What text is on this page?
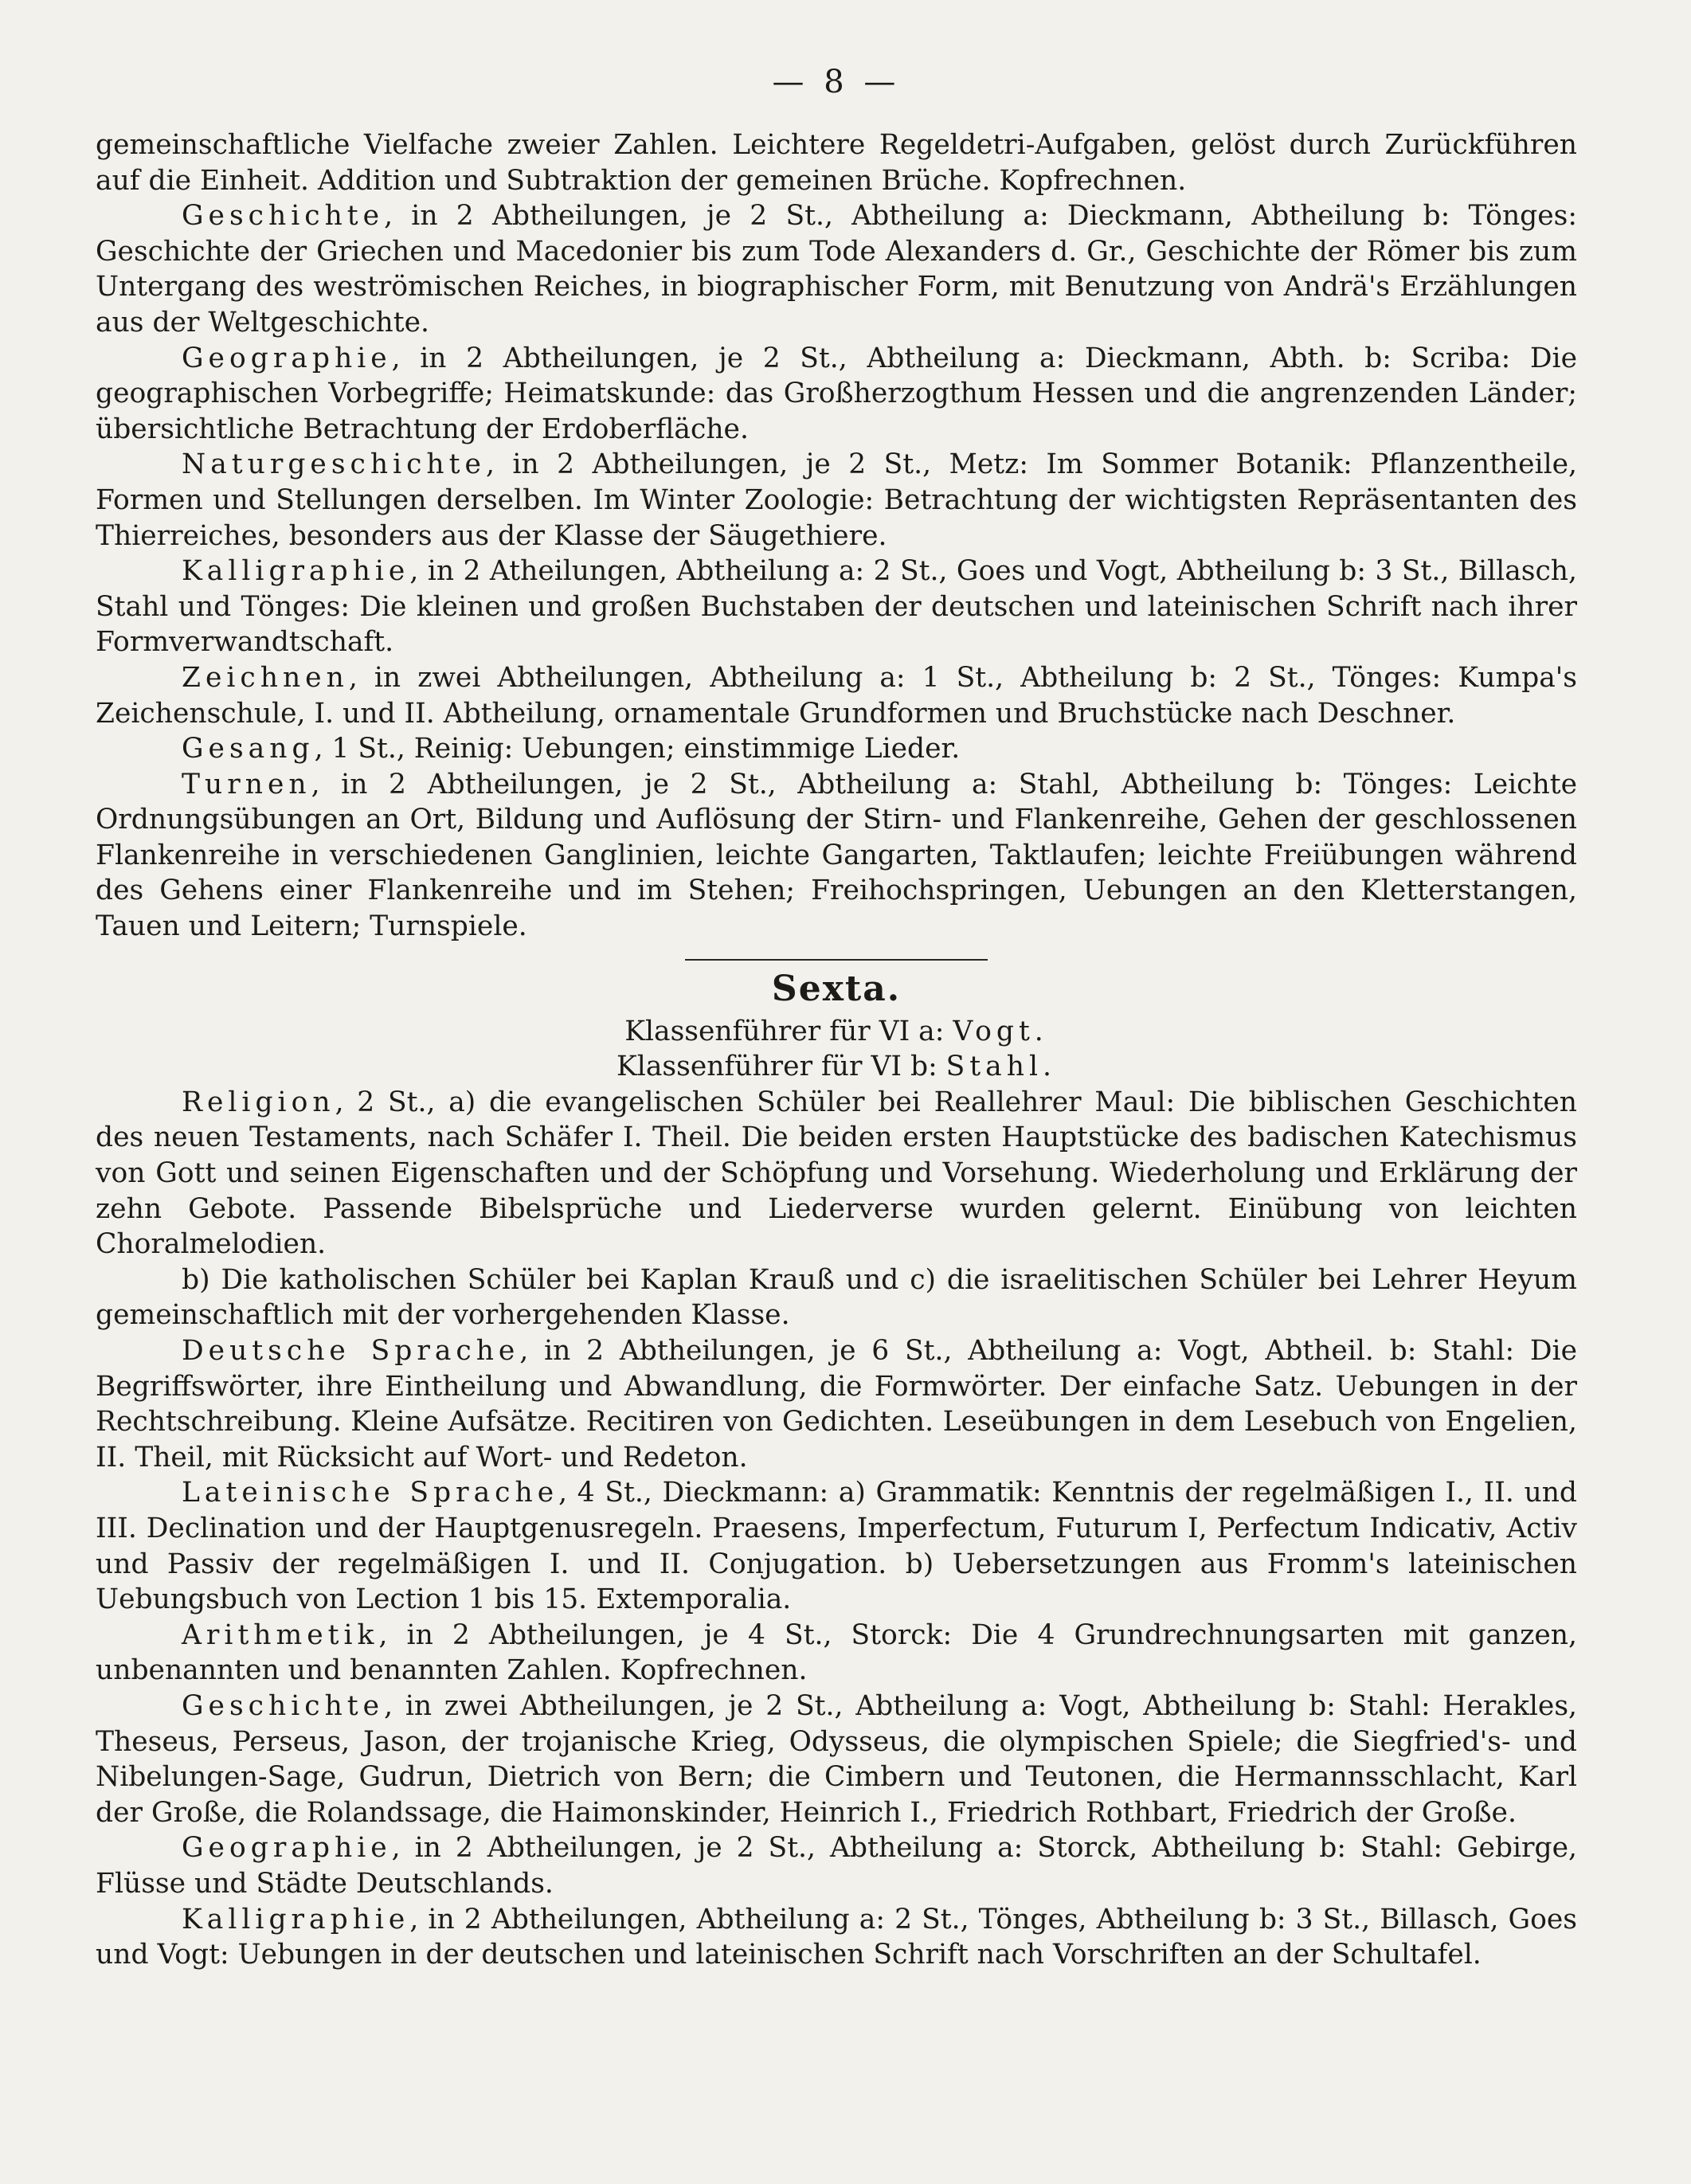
— 8 —

gemeinschaftliche Vielfache zweier Zahlen. Leichtere Regeldetri-Aufgaben, gelöst durch Zurückführen auf die Einheit. Addition und Subtraktion der gemeinen Brüche. Kopfrechnen.

Geschichte, in 2 Abtheilungen, je 2 St., Abtheilung a: Dieckmann, Abtheilung b: Tönges: Geschichte der Griechen und Macedonier bis zum Tode Alexanders d. Gr., Geschichte der Römer bis zum Untergang des weströmischen Reiches, in biographischer Form, mit Benutzung von Andrä's Erzählungen aus der Weltgeschichte.

Geographie, in 2 Abtheilungen, je 2 St., Abtheilung a: Dieckmann, Abth. b: Scriba: Die geographischen Vorbegriffe; Heimatskunde: das Großherzogthum Hessen und die angrenzenden Länder; übersichtliche Betrachtung der Erdoberfläche.

Naturgeschichte, in 2 Abtheilungen, je 2 St., Metz: Im Sommer Botanik: Pflanzentheile, Formen und Stellungen derselben. Im Winter Zoologie: Betrachtung der wichtigsten Repräsentanten des Thierreiches, besonders aus der Klasse der Säugethiere.

Kalligraphie, in 2 Atheilungen, Abtheilung a: 2 St., Goes und Vogt, Abtheilung b: 3 St., Billasch, Stahl und Tönges: Die kleinen und großen Buchstaben der deutschen und lateinischen Schrift nach ihrer Formverwandtschaft.

Zeichnen, in zwei Abtheilungen, Abtheilung a: 1 St., Abtheilung b: 2 St., Tönges: Kumpa's Zeichenschule, I. und II. Abtheilung, ornamentale Grundformen und Bruchstücke nach Deschner.

Gesang, 1 St., Reinig: Uebungen; einstimmige Lieder.

Turnen, in 2 Abtheilungen, je 2 St., Abtheilung a: Stahl, Abtheilung b: Tönges: Leichte Ordnungsübungen an Ort, Bildung und Auflösung der Stirn- und Flankenreihe, Gehen der geschlossenen Flankenreihe in verschiedenen Ganglinien, leichte Gangarten, Taktlaufen; leichte Freiübungen während des Gehens einer Flankenreihe und im Stehen; Freihochspringen, Uebungen an den Kletterstangen, Tauen und Leitern; Turnspiele.

Sexta.

Klassenführer für VI a: Vogt.

Klassenführer für VI b: Stahl.

Religion, 2 St., a) die evangelischen Schüler bei Reallehrer Maul: Die biblischen Geschichten des neuen Testaments, nach Schäfer I. Theil. Die beiden ersten Hauptstücke des badischen Katechismus von Gott und seinen Eigenschaften und der Schöpfung und Vorsehung. Wiederholung und Erklärung der zehn Gebote. Passende Bibelsprüche und Liederverse wurden gelernt. Einübung von leichten Choralmelodien.

b) Die katholischen Schüler bei Kaplan Krauß und c) die israelitischen Schüler bei Lehrer Heyum gemeinschaftlich mit der vorhergehenden Klasse.

Deutsche Sprache, in 2 Abtheilungen, je 6 St., Abtheilung a: Vogt, Abtheil. b: Stahl: Die Begriffswörter, ihre Eintheilung und Abwandlung, die Formwörter. Der einfache Satz. Uebungen in der Rechtschreibung. Kleine Aufsätze. Recitiren von Gedichten. Leseübungen in dem Lesebuch von Engelien, II. Theil, mit Rücksicht auf Wort- und Redeton.

Lateinische Sprache, 4 St., Dieckmann: a) Grammatik: Kenntnis der regelmäßigen I., II. und III. Declination und der Hauptgenusregeln. Praesens, Imperfectum, Futurum I, Perfectum Indicativ, Activ und Passiv der regelmäßigen I. und II. Conjugation. b) Uebersetzungen aus Fromm's lateinischen Uebungsbuch von Lection 1 bis 15. Extemporalia.

Arithmetik, in 2 Abtheilungen, je 4 St., Storck: Die 4 Grundrechnungsarten mit ganzen, unbenannten und benannten Zahlen. Kopfrechnen.

Geschichte, in zwei Abtheilungen, je 2 St., Abtheilung a: Vogt, Abtheilung b: Stahl: Herakles, Theseus, Perseus, Jason, der trojanische Krieg, Odysseus, die olympischen Spiele; die Siegfried's- und Nibelungen-Sage, Gudrun, Dietrich von Bern; die Cimbern und Teutonen, die Hermannsschlacht, Karl der Große, die Rolandssage, die Haimonskinder, Heinrich I., Friedrich Rothbart, Friedrich der Große.

Geographie, in 2 Abtheilungen, je 2 St., Abtheilung a: Storck, Abtheilung b: Stahl: Gebirge, Flüsse und Städte Deutschlands.

Kalligraphie, in 2 Abtheilungen, Abtheilung a: 2 St., Tönges, Abtheilung b: 3 St., Billasch, Goes und Vogt: Uebungen in der deutschen und lateinischen Schrift nach Vorschriften an der Schultafel.
